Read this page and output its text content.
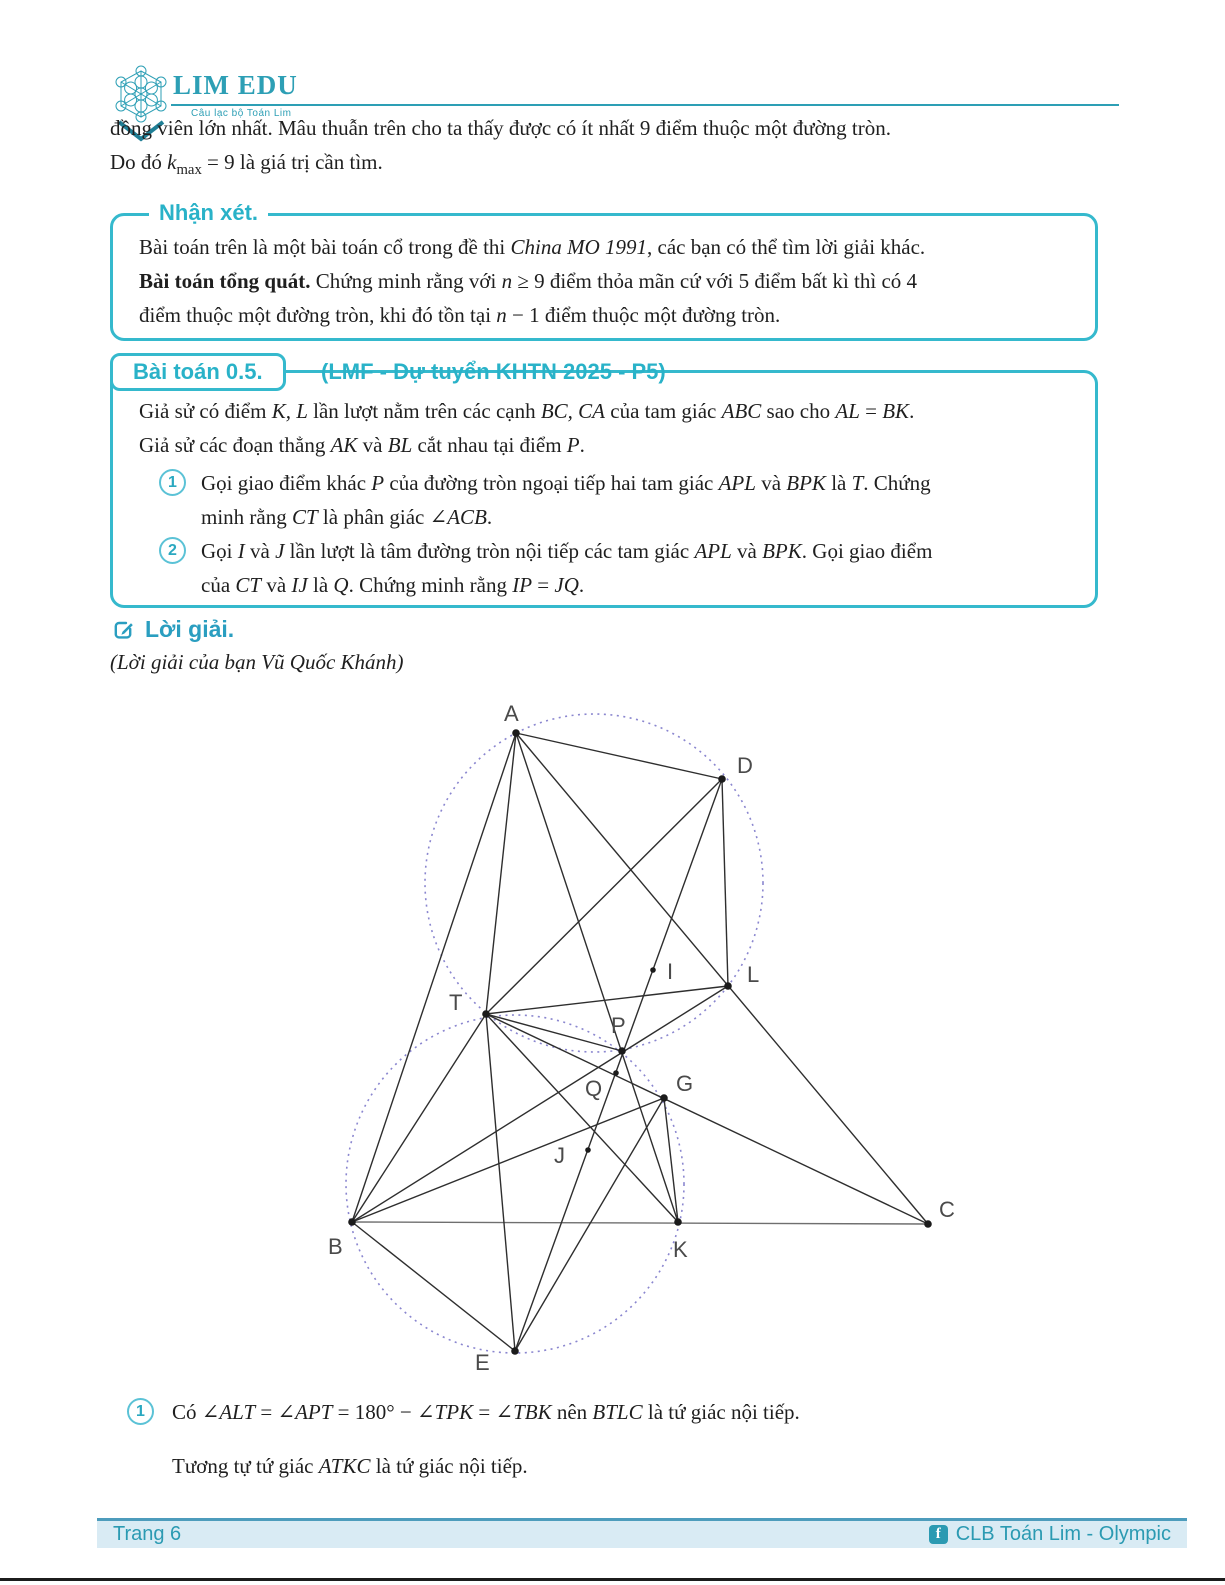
A
D
I	L
T
P
Q	G
J
B	K
C
E
LIM EDU
Câu lạc bộ Toán Lim
đồng viên lớn nhất. Mâu thuẫn trên cho ta thấy được có ít nhất 9 điểm thuộc một đường tròn.
Do đó $k_{max} = 9$ là giá trị cần tìm.
Nhận xét.
Bài toán trên là một bài toán cổ trong đề thi China MO 1991, các bạn có thể tìm lời giải khác.
Bài toán tổng quát. Chứng minh rằng với n ≥ 9 điểm thỏa mãn cứ với 5 điểm bất kì thì có 4
điểm thuộc một đường tròn, khi đó tồn tại n − 1 điểm thuộc một đường tròn.
Bài toán 0.5.	(LMF - Dự tuyển KHTN 2025 - P5)
Giả sử có điểm K, L lần lượt nằm trên các cạnh BC, CA của tam giác ABC sao cho AL = BK.
Giả sử các đoạn thẳng AK và BL cắt nhau tại điểm P.
1	Gọi giao điểm khác P của đường tròn ngoại tiếp hai tam giác APL và BPK là T. Chứng
minh rằng CT là phân giác ∠ACB.
2	Gọi I và J lần lượt là tâm đường tròn nội tiếp các tam giác APL và BPK. Gọi giao điểm
của CT và IJ là Q. Chứng minh rằng IP = JQ.
Lời giải.
(Lời giải của bạn Vũ Quốc Khánh)
1	Có ∠ALT = ∠APT = 180° − ∠TPK = ∠TBK nên BTLC là tứ giác nội tiếp.
Tương tự tứ giác ATKC là tứ giác nội tiếp.
Trang 6	f CLB Toán Lim - Olympic
